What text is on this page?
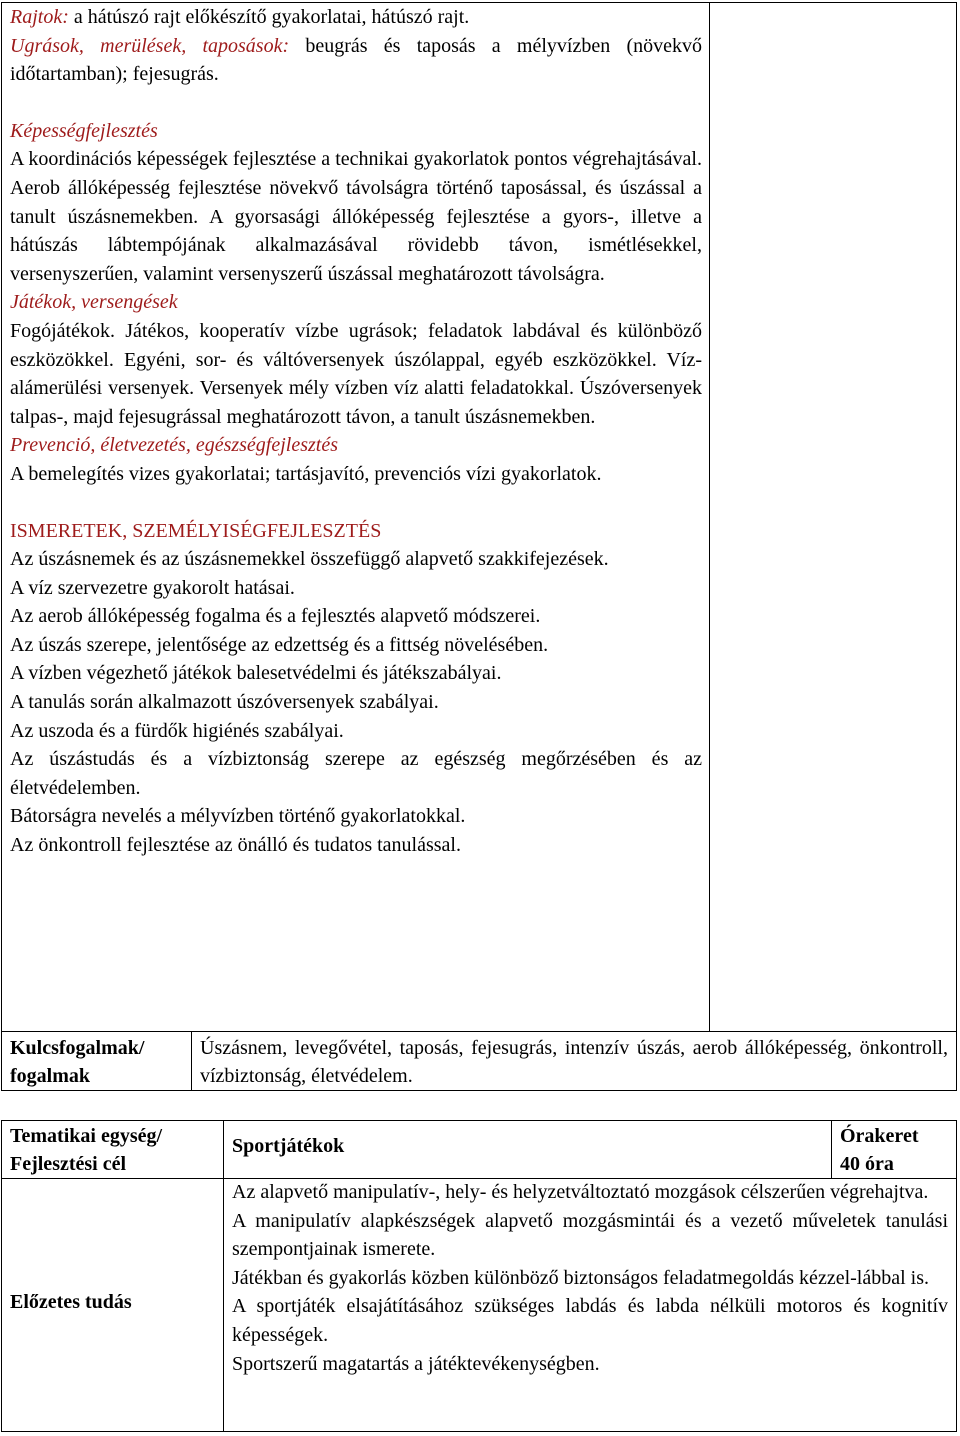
Rajtok: a hátúszó rajt előkészítő gyakorlatai, hátúszó rajt.

Ugrások, merülések, taposások: beugrás és taposás a mélyvízben (növekvő időtartamban); fejesugrás.

Képességfejlesztés

A koordinációs képességek fejlesztése a technikai gyakorlatok pontos végrehajtásával. Aerob állóképesség fejlesztése növekvő távolságra történő taposással, és úszással a tanult úszásnemekben. A gyorsasági állóképesség fejlesztése a gyors-, illetve a hátúszás lábtempójának alkalmazásával rövidebb távon, ismétlésekkel, versenyszerűen, valamint versenyszerű úszással meghatározott távolságra.

Játékok, versengések

Fogójátékok. Játékos, kooperatív vízbe ugrások; feladatok labdával és különböző eszközökkel. Egyéni, sor- és váltóversenyek úszólappal, egyéb eszközökkel. Víz-alámerülési versenyek. Versenyek mély vízben víz alatti feladatokkal. Úszóversenyek talpas-, majd fejesugrással meghatározott távon, a tanult úszásnemekben.

Prevenció, életvezetés, egészségfejlesztés

A bemelegítés vizes gyakorlatai; tartásjavító, prevenciós vízi gyakorlatok.

ISMERETEK, SZEMÉLYISÉGFEJLESZTÉS

Az úszásnemek és az úszásnemekkel összefüggő alapvető szakkifejezések.

A víz szervezetre gyakorolt hatásai.

Az aerob állóképesség fogalma és a fejlesztés alapvető módszerei.

Az úszás szerepe, jelentősége az edzettség és a fittség növelésében.

A vízben végezhető játékok balesetvédelmi és játékszabályai.

A tanulás során alkalmazott úszóversenyek szabályai.

Az uszoda és a fürdők higiénés szabályai.

Az úszástudás és a vízbiztonság szerepe az egészség megőrzésében és az életvédelemben.

Bátorságra nevelés a mélyvízben történő gyakorlatokkal.

Az önkontroll fejlesztése az önálló és tudatos tanulással.

Kulcsfogalmak/ fogalmak
Úszásnem, levegővétel, taposás, fejesugrás, intenzív úszás, aerob állóképesség, önkontroll, vízbiztonság, életvédelem.
Tematikai egység/ Fejlesztési cél
Sportjátékok	Órakeret
40 óra
Előzetes tudás

Az alapvető manipulatív-, hely- és helyzetváltoztató mozgások célszerűen végrehajtva.

A manipulatív alapkészségek alapvető mozgásmintái és a vezető műveletek tanulási szempontjainak ismerete.

Játékban és gyakorlás közben különböző biztonságos feladatmegoldás kézzel-lábbal is.

A sportjáték elsajátításához szükséges labdás és labda nélküli motoros és kognitív képességek.

Sportszerű magatartás a játéktevékenységben.
